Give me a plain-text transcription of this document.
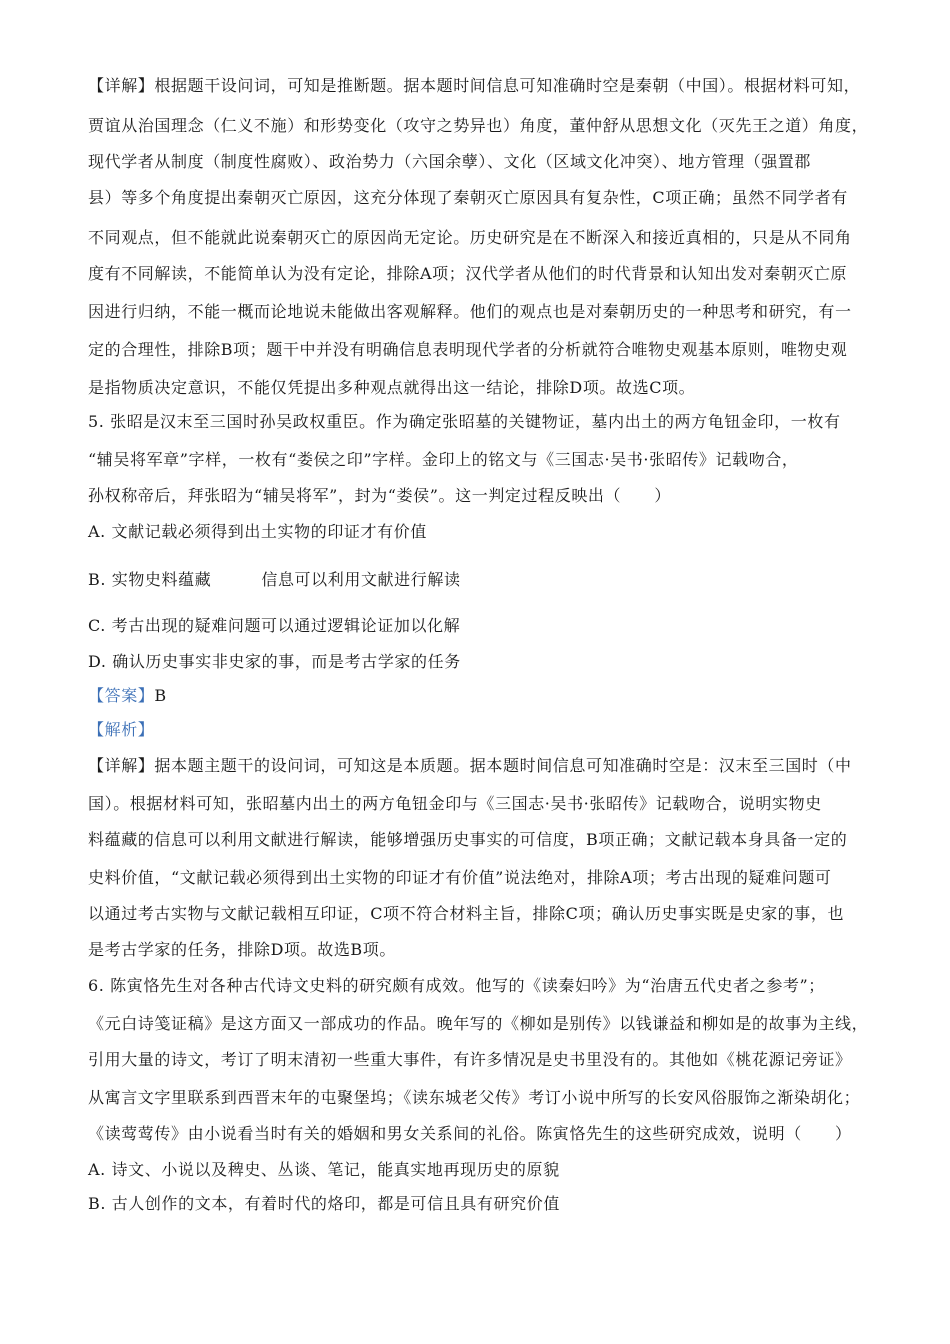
【详解】根据题干设问词，可知是推断题。据本题时间信息可知准确时空是秦朝（中国）。根据材料可知，
贾谊从治国理念（仁义不施）和形势变化（攻守之势异也）角度，董仲舒从思想文化（灭先王之道）角度，
现代学者从制度（制度性腐败）、政治势力（六国余孽）、文化（区域文化冲突）、地方管理（强置郡
县）等多个角度提出秦朝灭亡原因，这充分体现了秦朝灭亡原因具有复杂性，C项正确；虽然不同学者有
不同观点，但不能就此说秦朝灭亡的原因尚无定论。历史研究是在不断深入和接近真相的，只是从不同角
度有不同解读，不能简单认为没有定论，排除A项；汉代学者从他们的时代背景和认知出发对秦朝灭亡原
因进行归纳，不能一概而论地说未能做出客观解释。他们的观点也是对秦朝历史的一种思考和研究，有一
定的合理性，排除B项；题干中并没有明确信息表明现代学者的分析就符合唯物史观基本原则，唯物史观
是指物质决定意识，不能仅凭提出多种观点就得出这一结论，排除D项。故选C项。
5. 张昭是汉末至三国时孙吴政权重臣。作为确定张昭墓的关键物证，墓内出土的两方龟钮金印，一枚有
“辅吴将军章”字样，一枚有“娄侯之印”字样。金印上的铭文与《三国志·吴书·张昭传》记载吻合，
孙权称帝后，拜张昭为“辅吴将军”，封为“娄侯”。这一判定过程反映出（　　）
A. 文献记载必须得到出土实物的印证才有价值
B. 实物史料蕴藏	信息可以利用文献进行解读
C. 考古出现的疑难问题可以通过逻辑论证加以化解
D. 确认历史事实非史家的事，而是考古学家的任务
【答案】B
【解析】
【详解】据本题主题干的设问词，可知这是本质题。据本题时间信息可知准确时空是：汉末至三国时（中
国）。根据材料可知，张昭墓内出土的两方龟钮金印与《三国志·吴书·张昭传》记载吻合，说明实物史
料蕴藏的信息可以利用文献进行解读，能够增强历史事实的可信度，B项正确；文献记载本身具备一定的
史料价值，“文献记载必须得到出土实物的印证才有价值”说法绝对，排除A项；考古出现的疑难问题可
以通过考古实物与文献记载相互印证，C项不符合材料主旨，排除C项；确认历史事实既是史家的事，也
是考古学家的任务，排除D项。故选B项。
6. 陈寅恪先生对各种古代诗文史料的研究颇有成效。他写的《读秦妇吟》为“治唐五代史者之参考”；
《元白诗笺证稿》是这方面又一部成功的作品。晚年写的《柳如是别传》以钱谦益和柳如是的故事为主线，
引用大量的诗文，考订了明末清初一些重大事件，有许多情况是史书里没有的。其他如《桃花源记旁证》
从寓言文字里联系到西晋末年的屯聚堡坞；《读东城老父传》考订小说中所写的长安风俗服饰之渐染胡化；
《读莺莺传》由小说看当时有关的婚姻和男女关系间的礼俗。陈寅恪先生的这些研究成效，说明（　　）
A. 诗文、小说以及稗史、丛谈、笔记，能真实地再现历史的原貌
B. 古人创作的文本，有着时代的烙印，都是可信且具有研究价值
